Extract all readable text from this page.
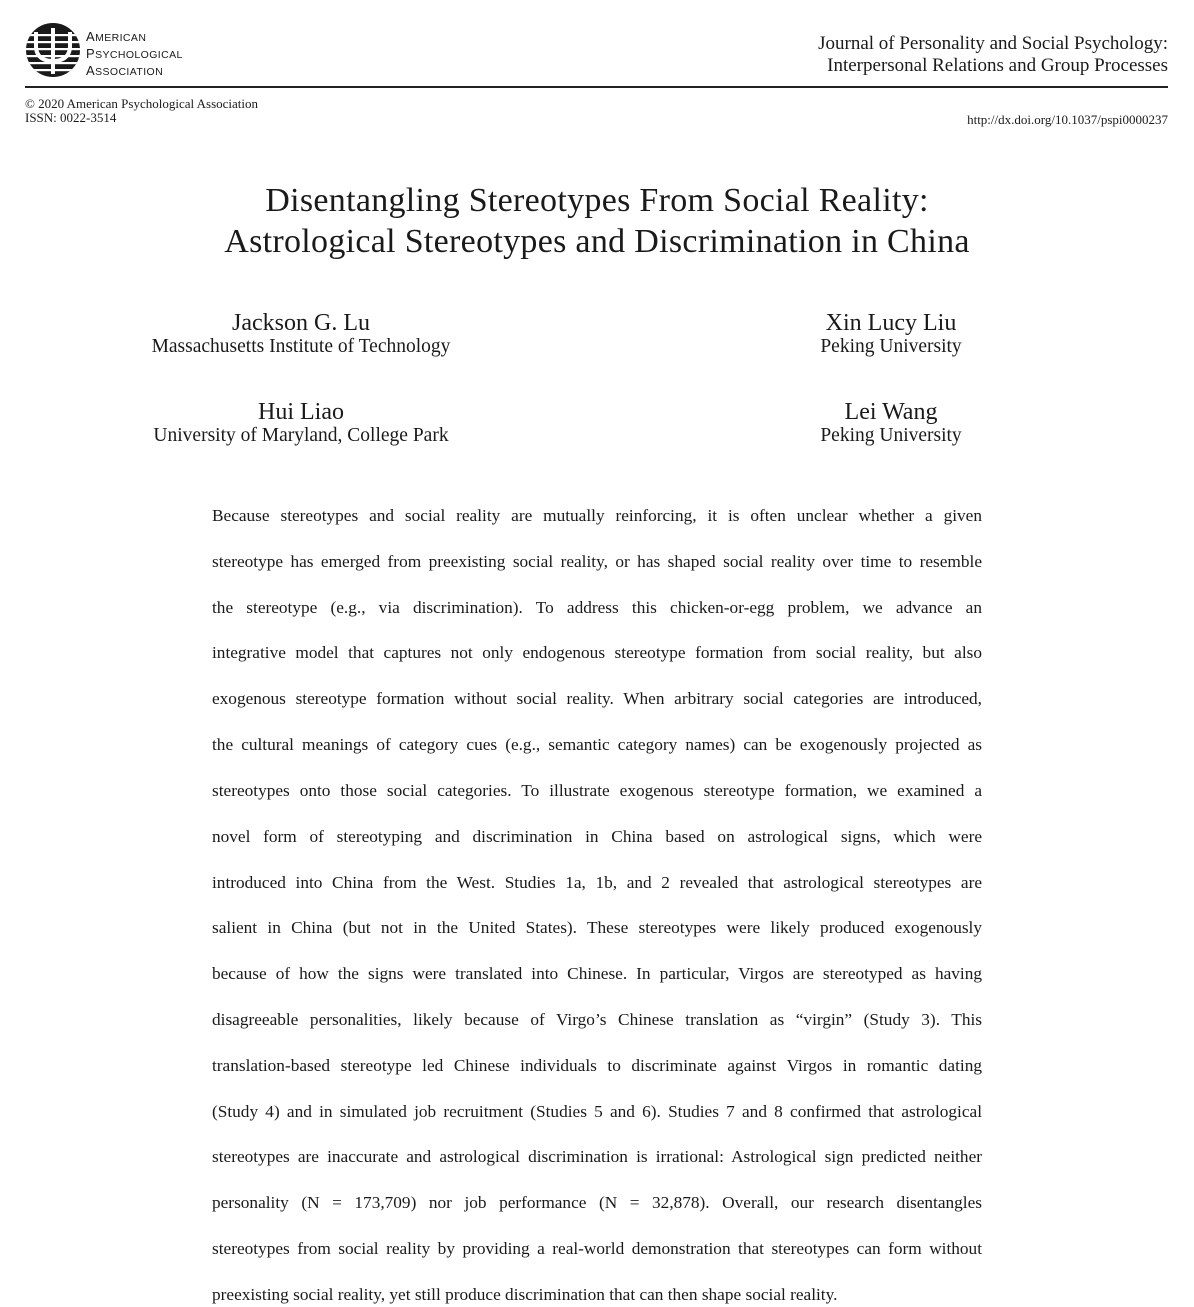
AMERICAN
PSYCHOLOGICAL
ASSOCIATION
Journal of Personality and Social Psychology:
Interpersonal Relations and Group Processes
© 2020 American Psychological Association
ISSN: 0022-3514	http://dx.doi.org/10.1037/pspi0000237
Disentangling Stereotypes From Social Reality:
Astrological Stereotypes and Discrimination in China
Jackson G. Lu
Massachusetts Institute of Technology
Xin Lucy Liu
Peking University
Hui Liao
University of Maryland, College Park
Lei Wang
Peking University
Because stereotypes and social reality are mutually reinforcing, it is often unclear whether a given
stereotype has emerged from preexisting social reality, or has shaped social reality over time to resemble
the stereotype (e.g., via discrimination). To address this chicken-or-egg problem, we advance an
integrative model that captures not only endogenous stereotype formation from social reality, but also
exogenous stereotype formation without social reality. When arbitrary social categories are introduced,
the cultural meanings of category cues (e.g., semantic category names) can be exogenously projected as
stereotypes onto those social categories. To illustrate exogenous stereotype formation, we examined a
novel form of stereotyping and discrimination in China based on astrological signs, which were
introduced into China from the West. Studies 1a, 1b, and 2 revealed that astrological stereotypes are
salient in China (but not in the United States). These stereotypes were likely produced exogenously
because of how the signs were translated into Chinese. In particular, Virgos are stereotyped as having
disagreeable personalities, likely because of Virgo’s Chinese translation as “virgin” (Study 3). This
translation-based stereotype led Chinese individuals to discriminate against Virgos in romantic dating
(Study 4) and in simulated job recruitment (Studies 5 and 6). Studies 7 and 8 confirmed that astrological
stereotypes are inaccurate and astrological discrimination is irrational: Astrological sign predicted neither
personality (N = 173,709) nor job performance (N = 32,878). Overall, our research disentangles
stereotypes from social reality by providing a real-world demonstration that stereotypes can form without
preexisting social reality, yet still produce discrimination that can then shape social reality.
